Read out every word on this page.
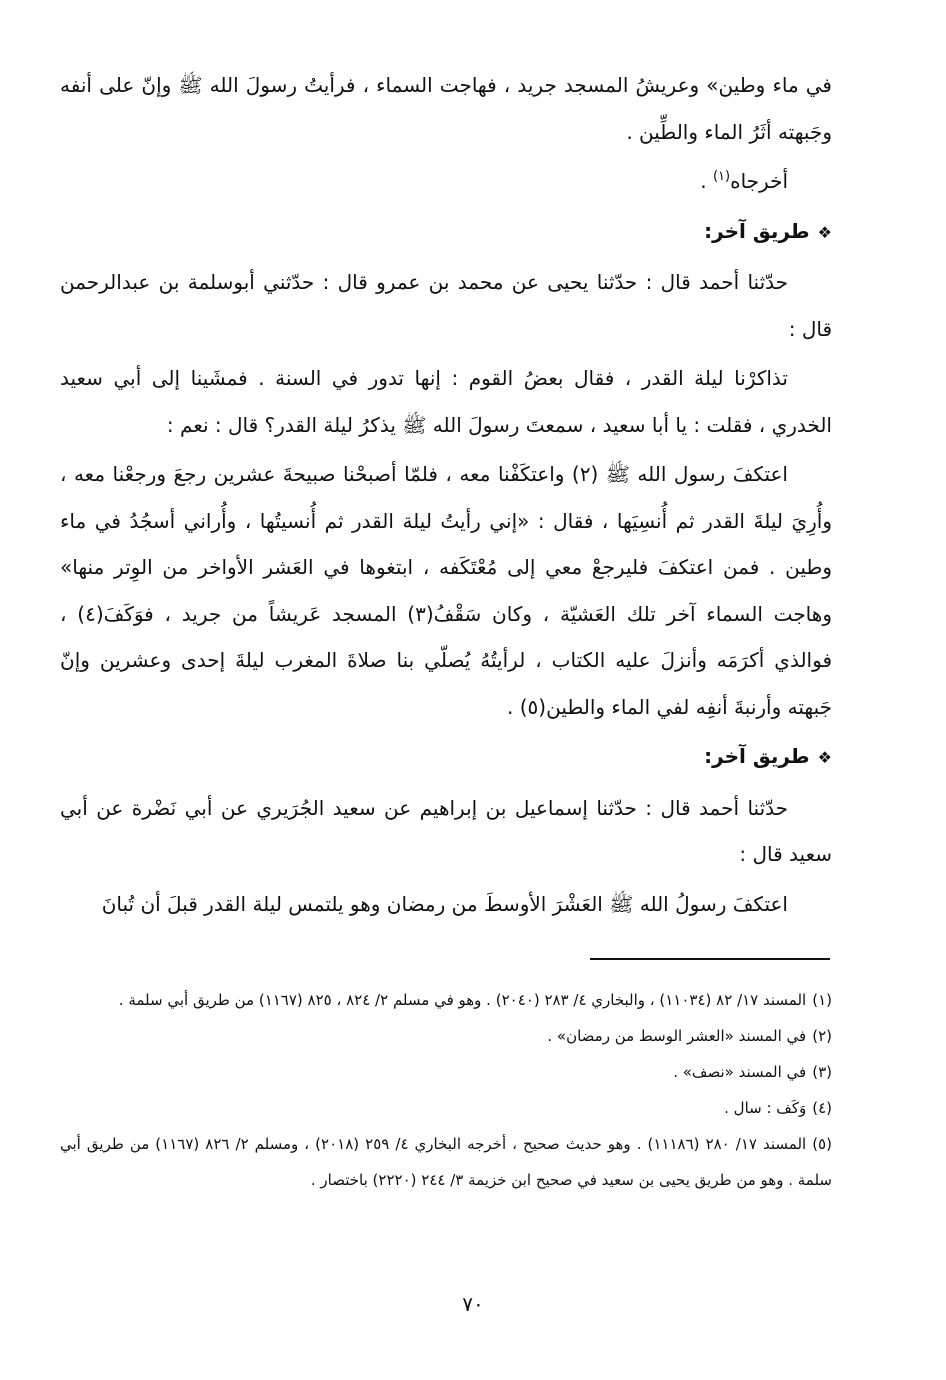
في ماء وطين» وعريشُ المسجد جريد ، فهاجت السماء ، فرأيتُ رسولَ الله ﷺ وإنّ على أنفه وجَبهته أثَرُ الماء والطِّين .

أخرجاه$^{(١)}$ .

❖طريق آخر:

حدّثنا أحمد قال : حدّثنا يحيى عن محمد بن عمرو قال : حدّثني أبوسلمة بن عبدالرحمن قال :

تذاكرْنا ليلة القدر ، فقال بعضُ القوم : إنها تدور في السنة . فمشَينا إلى أبي سعيد الخدري ، فقلت : يا أبا سعيد ، سمعتَ رسولَ الله ﷺ يذكرُ ليلة القدر؟ قال : نعم :

اعتكفَ رسول الله ﷺ (٢) واعتكَفْنا معه ، فلمّا أصبحْنا صبيحةَ عشرين رجعَ ورجعْنا معه ، وأُرِيَ ليلةَ القدر ثم أُنسِيَها ، فقال : «إني رأيتُ ليلة القدر ثم أُنسيتُها ، وأُراني أسجُدُ في ماء وطين . فمن اعتكفَ فليرجعْ معي إلى مُعْتَكَفه ، ابتغوها في العَشر الأواخر من الوِتر منها» وهاجت السماء آخر تلك العَشيّة ، وكان سَقْفُ(٣) المسجد عَريشاً من جريد ، فوَكَفَ(٤) ، فوالذي أكرَمَه وأنزلَ عليه الكتاب ، لرأيتُهُ يُصلّي بنا صلاةَ المغرب ليلةَ إحدى وعشرين وإنّ جَبهته وأرنبةَ أنفِه لفي الماء والطين(٥) .

❖طريق آخر:

حدّثنا أحمد قال : حدّثنا إسماعيل بن إبراهيم عن سعيد الجُرَيري عن أبي نَضْرة عن أبي سعيد قال :

اعتكفَ رسولُ الله ﷺ العَشْرَ الأوسطَ من رمضان وهو يلتمس ليلة القدر قبلَ أن تُبانَ

(١)المسند ١٧/ ٨٢ (١١٠٣٤) ، والبخاري ٤/ ٢٨٣ (٢٠٤٠) . وهو في مسلم ٢/ ٨٢٤ ، ٨٢٥ (١١٦٧) من طريق أبي سلمة .

(٢)في المسند «العشر الوسط من رمضان» .

(٣)في المسند «نصف» .

(٤)وَكَف : سال .

(٥)المسند ١٧/ ٢٨٠ (١١١٨٦) . وهو حديث صحيح ، أخرجه البخاري ٤/ ٢٥٩ (٢٠١٨) ، ومسلم ٢/ ٨٢٦ (١١٦٧) من طريق أبي سلمة . وهو من طريق يحيى بن سعيد في صحيح ابن خزيمة ٣/ ٢٤٤ (٢٢٢٠) باختصار .

٧٠
